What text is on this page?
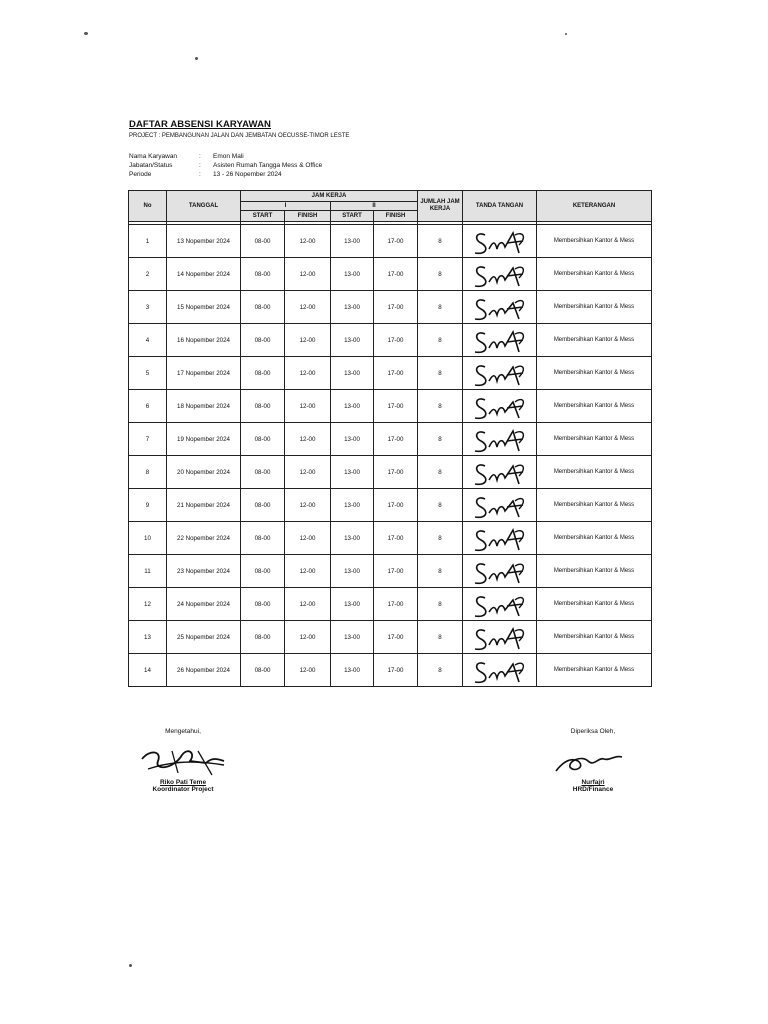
DAFTAR ABSENSI KARYAWAN
PROJECT : PEMBANGUNAN JALAN DAN JEMBATAN OECUSSE-TIMOR LESTE
Nama Karyawan	:	Emon Mali
Jabatan/Status	:	Asisten Rumah Tangga Mess & Office
Periode	:	13 - 26 Nopember 2024
No	TANGGAL	JAM KERJA				JUMLAH JAM KERJA	TANDA TANGAN	KETERANGAN
		I		II				
		START	FINISH	START	FINISH			

1	13 Nopember 2024	08-00	12-00	13-00	17-00	8		Membersihkan Kantor & Mess
2	14 Nopember 2024	08-00	12-00	13-00	17-00	8		Membersihkan Kantor & Mess
3	15 Nopember 2024	08-00	12-00	13-00	17-00	8		Membersihkan Kantor & Mess
4	16 Nopember 2024	08-00	12-00	13-00	17-00	8		Membersihkan Kantor & Mess
5	17 Nopember 2024	08-00	12-00	13-00	17-00	8		Membersihkan Kantor & Mess
6	18 Nopember 2024	08-00	12-00	13-00	17-00	8		Membersihkan Kantor & Mess
7	19 Nopember 2024	08-00	12-00	13-00	17-00	8		Membersihkan Kantor & Mess
8	20 Nopember 2024	08-00	12-00	13-00	17-00	8		Membersihkan Kantor & Mess
9	21 Nopember 2024	08-00	12-00	13-00	17-00	8		Membersihkan Kantor & Mess
10	22 Nopember 2024	08-00	12-00	13-00	17-00	8		Membersihkan Kantor & Mess
11	23 Nopember 2024	08-00	12-00	13-00	17-00	8		Membersihkan Kantor & Mess
12	24 Nopember 2024	08-00	12-00	13-00	17-00	8		Membersihkan Kantor & Mess
13	25 Nopember 2024	08-00	12-00	13-00	17-00	8		Membersihkan Kantor & Mess
14	26 Nopember 2024	08-00	12-00	13-00	17-00	8		Membersihkan Kantor & Mess
Mengetahui,
Riko Pati Teme
Koordinator Project
Diperiksa Oleh,
Nurfajri
HRD/Finance
